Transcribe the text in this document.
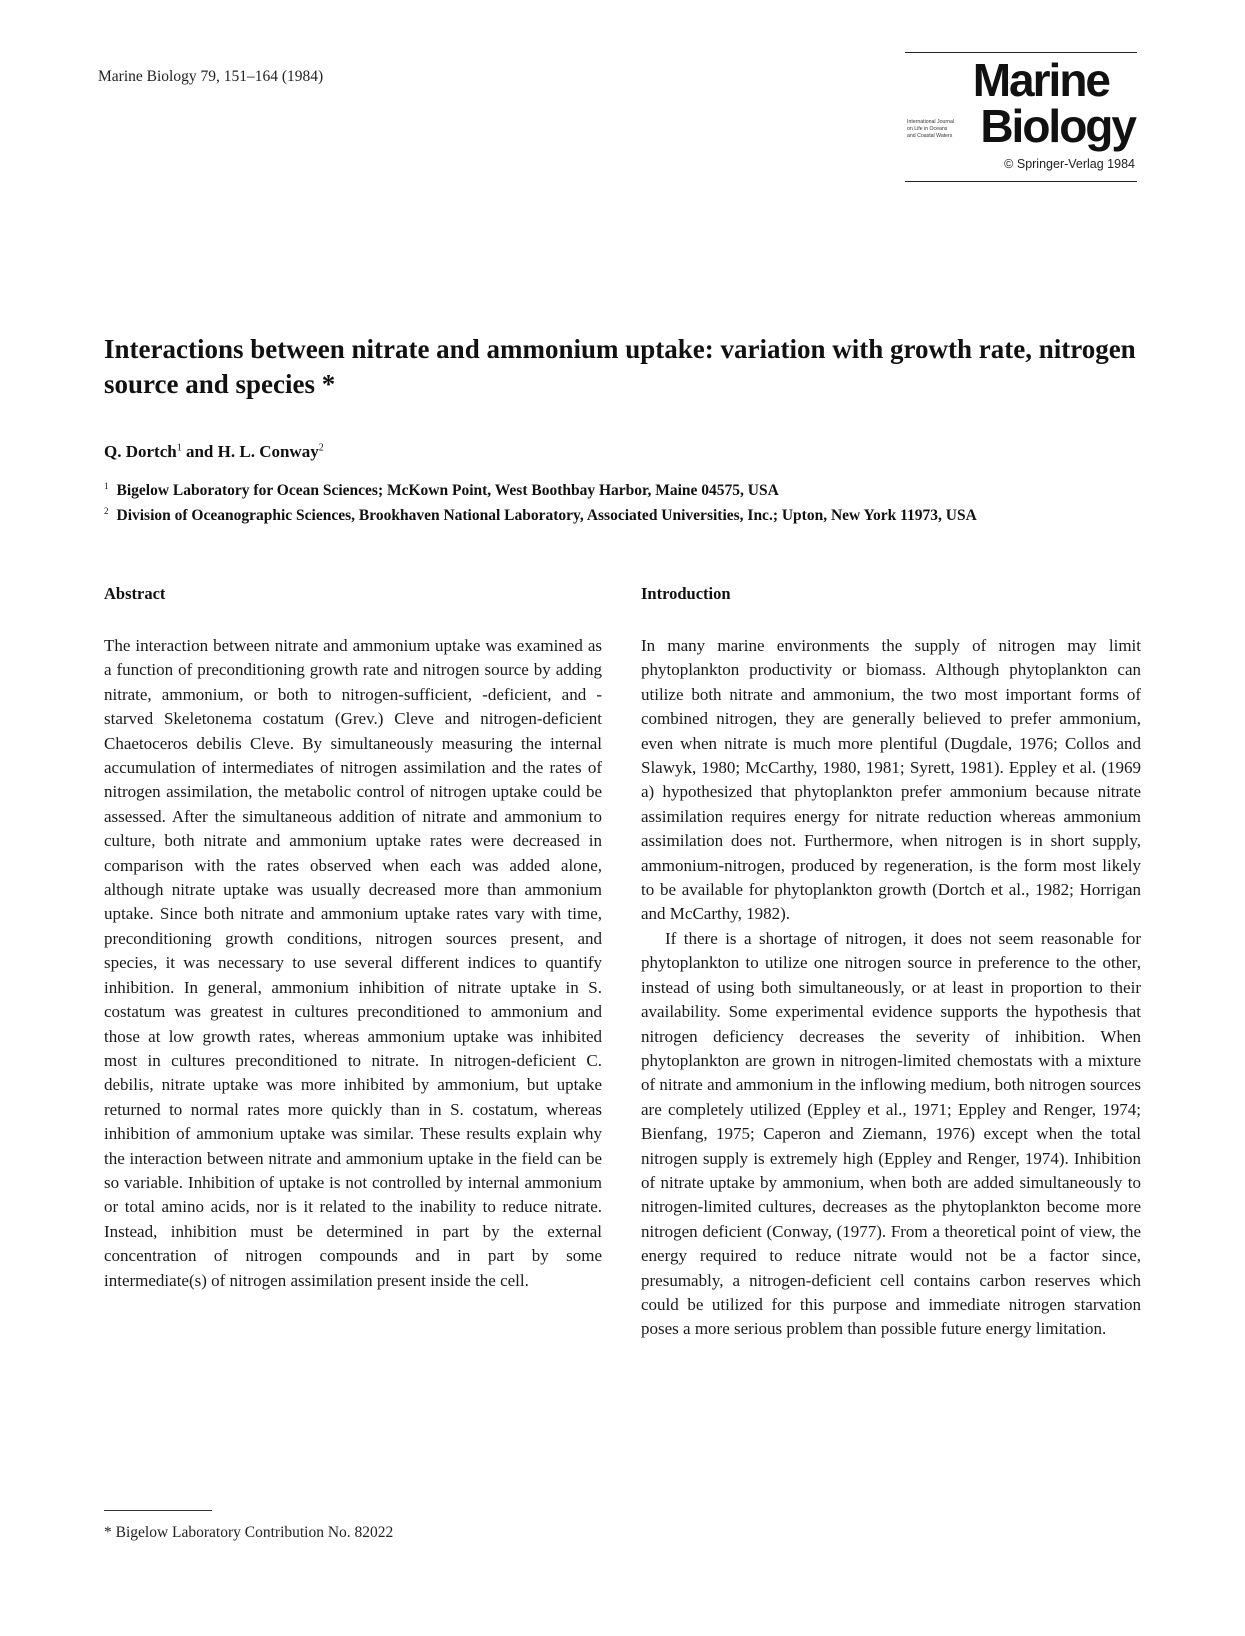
Marine Biology 79, 151–164 (1984)	Marine
Biology
International Journal
on Life in Oceans
and Coastal Waters
© Springer-Verlag 1984
Interactions between nitrate and ammonium uptake: variation with growth rate, nitrogen source and species *
Q. Dortch$^1$ and H. L. Conway$^2$
$^1$ Bigelow Laboratory for Ocean Sciences; McKown Point, West Boothbay Harbor, Maine 04575, USA
$^2$ Division of Oceanographic Sciences, Brookhaven National Laboratory, Associated Universities, Inc.; Upton, New York 11973, USA
Abstract

The interaction between nitrate and ammonium uptake was examined as a function of preconditioning growth rate and nitrogen source by adding nitrate, ammonium, or both to nitrogen-sufficient, -deficient, and -starved Skeletonema costatum (Grev.) Cleve and nitrogen-deficient Chaetoceros debilis Cleve. By simultaneously measuring the internal accumulation of intermediates of nitrogen assimilation and the rates of nitrogen assimilation, the metabolic control of nitrogen uptake could be assessed. After the simultaneous addition of nitrate and ammonium to culture, both nitrate and ammonium uptake rates were decreased in comparison with the rates observed when each was added alone, although nitrate uptake was usually decreased more than ammonium uptake. Since both nitrate and ammonium uptake rates vary with time, preconditioning growth conditions, nitrogen sources present, and species, it was necessary to use several different indices to quantify inhibition. In general, ammonium inhibition of nitrate uptake in S. costatum was greatest in cultures preconditioned to ammonium and those at low growth rates, whereas ammonium uptake was inhibited most in cultures preconditioned to nitrate. In nitrogen-deficient C. debilis, nitrate uptake was more inhibited by ammonium, but uptake returned to normal rates more quickly than in S. costatum, whereas inhibition of ammonium uptake was similar. These results explain why the interaction between nitrate and ammonium uptake in the field can be so variable. Inhibition of uptake is not controlled by internal ammonium or total amino acids, nor is it related to the inability to reduce nitrate. Instead, inhibition must be determined in part by the external concentration of nitrogen compounds and in part by some intermediate(s) of nitrogen assimilation present inside the cell.

Introduction

In many marine environments the supply of nitrogen may limit phytoplankton productivity or biomass. Although phytoplankton can utilize both nitrate and ammonium, the two most important forms of combined nitrogen, they are generally believed to prefer ammonium, even when nitrate is much more plentiful (Dugdale, 1976; Collos and Slawyk, 1980; McCarthy, 1980, 1981; Syrett, 1981). Eppley et al. (1969 a) hypothesized that phytoplankton prefer ammonium because nitrate assimilation requires energy for nitrate reduction whereas ammonium assimilation does not. Furthermore, when nitrogen is in short supply, ammonium-nitrogen, produced by regeneration, is the form most likely to be available for phytoplankton growth (Dortch et al., 1982; Horrigan and McCarthy, 1982).

If there is a shortage of nitrogen, it does not seem reasonable for phytoplankton to utilize one nitrogen source in preference to the other, instead of using both simultaneously, or at least in proportion to their availability. Some experimental evidence supports the hypothesis that nitrogen deficiency decreases the severity of inhibition. When phytoplankton are grown in nitrogen-limited chemostats with a mixture of nitrate and ammonium in the inflowing medium, both nitrogen sources are completely utilized (Eppley et al., 1971; Eppley and Renger, 1974; Bienfang, 1975; Caperon and Ziemann, 1976) except when the total nitrogen supply is extremely high (Eppley and Renger, 1974). Inhibition of nitrate uptake by ammonium, when both are added simultaneously to nitrogen-limited cultures, decreases as the phytoplankton become more nitrogen deficient (Conway, (1977). From a theoretical point of view, the energy required to reduce nitrate would not be a factor since, presumably, a nitrogen-deficient cell contains carbon reserves which could be utilized for this purpose and immediate nitrogen starvation poses a more serious problem than possible future energy limitation.

* Bigelow Laboratory Contribution No. 82022
